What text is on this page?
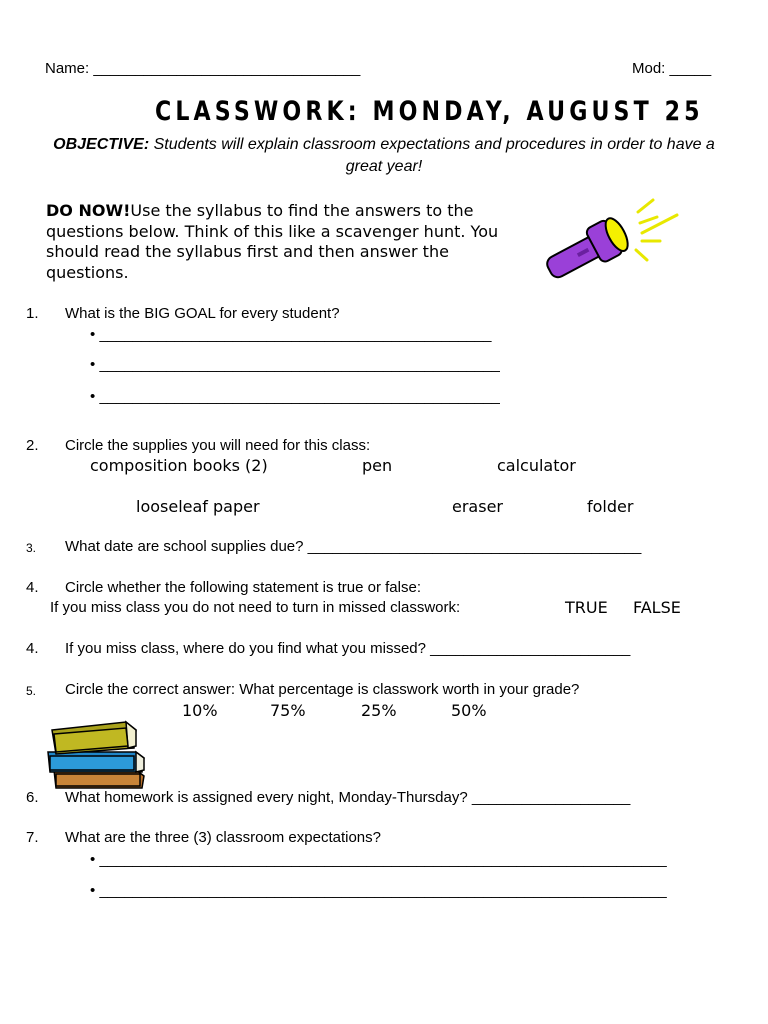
Name: ________________________________	Mod: _____
CLASSWORK: MONDAY, AUGUST 25
OBJECTIVE: Students will explain classroom expectations and procedures in order to have a great year!
DO NOW!Use the syllabus to find the answers to the questions below. Think of this like a scavenger hunt. You should read the syllabus first and then answer the questions.
1. What is the BIG GOAL for every student?
• _______________________________________________
• ________________________________________________
• ________________________________________________
2. Circle the supplies you will need for this class:
composition books (2)	pen	calculator
looseleaf paper	eraser	folder
3. What date are school supplies due? ________________________________________
4. Circle whether the following statement is true or false:
If you miss class you do not need to turn in missed classwork:	TRUE FALSE
4. If you miss class, where do you find what you missed? ________________________
5. Circle the correct answer: What percentage is classwork worth in your grade?
10%	75%	25%	50%
6. What homework is assigned every night, Monday-Thursday? ___________________
7. What are the three (3) classroom expectations?
• ____________________________________________________________________
• ____________________________________________________________________
